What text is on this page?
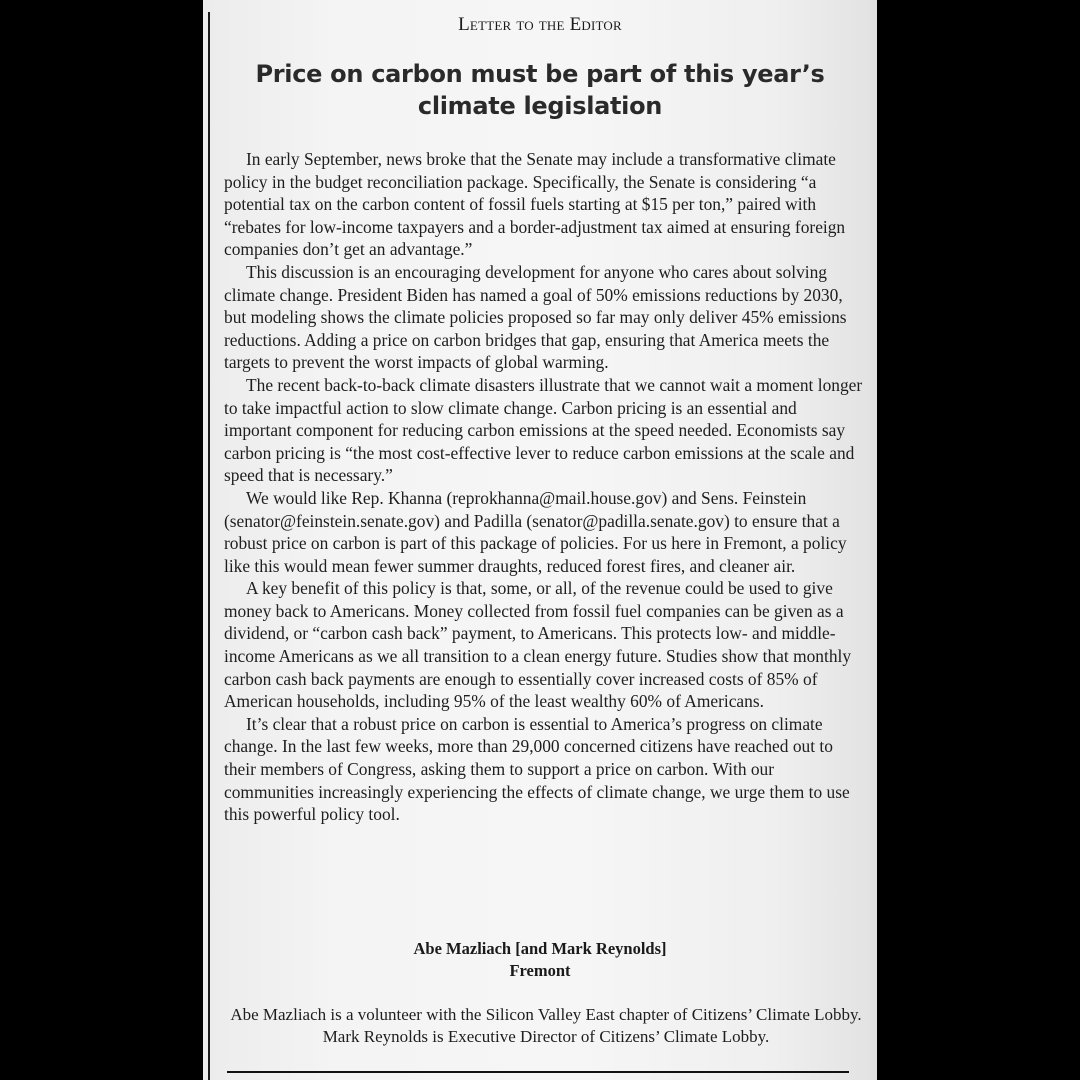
Letter to the Editor
Price on carbon must be part of this year’s
climate legislation

In early September, news broke that the Senate may include a transformative climate policy in the budget reconciliation package. Specifically, the Senate is considering “a potential tax on the carbon content of fossil fuels starting at $15 per ton,” paired with “rebates for low-income taxpayers and a border-adjustment tax aimed at ensuring foreign companies don’t get an advantage.”

This discussion is an encouraging development for anyone who cares about solving climate change. President Biden has named a goal of 50% emissions reductions by 2030, but modeling shows the climate policies proposed so far may only deliver 45% emissions reductions. Adding a price on carbon bridges that gap, ensuring that America meets the targets to prevent the worst impacts of global warming.

The recent back-to-back climate disasters illustrate that we cannot wait a moment longer to take impactful action to slow climate change. Carbon pricing is an essential and important component for reducing carbon emissions at the speed needed. Economists say carbon pricing is “the most cost-effective lever to reduce carbon emissions at the scale and speed that is necessary.”

We would like Rep. Khanna (reprokhanna@mail.house.gov) and Sens. Feinstein (senator@feinstein.senate.gov) and Padilla (senator@padilla.senate.gov) to ensure that a robust price on carbon is part of this package of policies. For us here in Fremont, a policy like this would mean fewer summer draughts, reduced forest fires, and cleaner air.

A key benefit of this policy is that, some, or all, of the revenue could be used to give money back to Americans. Money collected from fossil fuel companies can be given as a dividend, or “carbon cash back” payment, to Americans. This protects low- and middle-income Americans as we all transition to a clean energy future. Studies show that monthly carbon cash back payments are enough to essentially cover increased costs of 85% of American households, including 95% of the least wealthy 60% of Americans.

It’s clear that a robust price on carbon is essential to America’s progress on climate change. In the last few weeks, more than 29,000 concerned citizens have reached out to their members of Congress, asking them to support a price on carbon. With our communities increasingly experiencing the effects of climate change, we urge them to use this powerful policy tool.

Abe Mazliach [and Mark Reynolds]
Fremont
Abe Mazliach is a volunteer with the Silicon Valley East chapter of Citizens’ Climate Lobby. Mark Reynolds is Executive Director of Citizens’ Climate Lobby.
